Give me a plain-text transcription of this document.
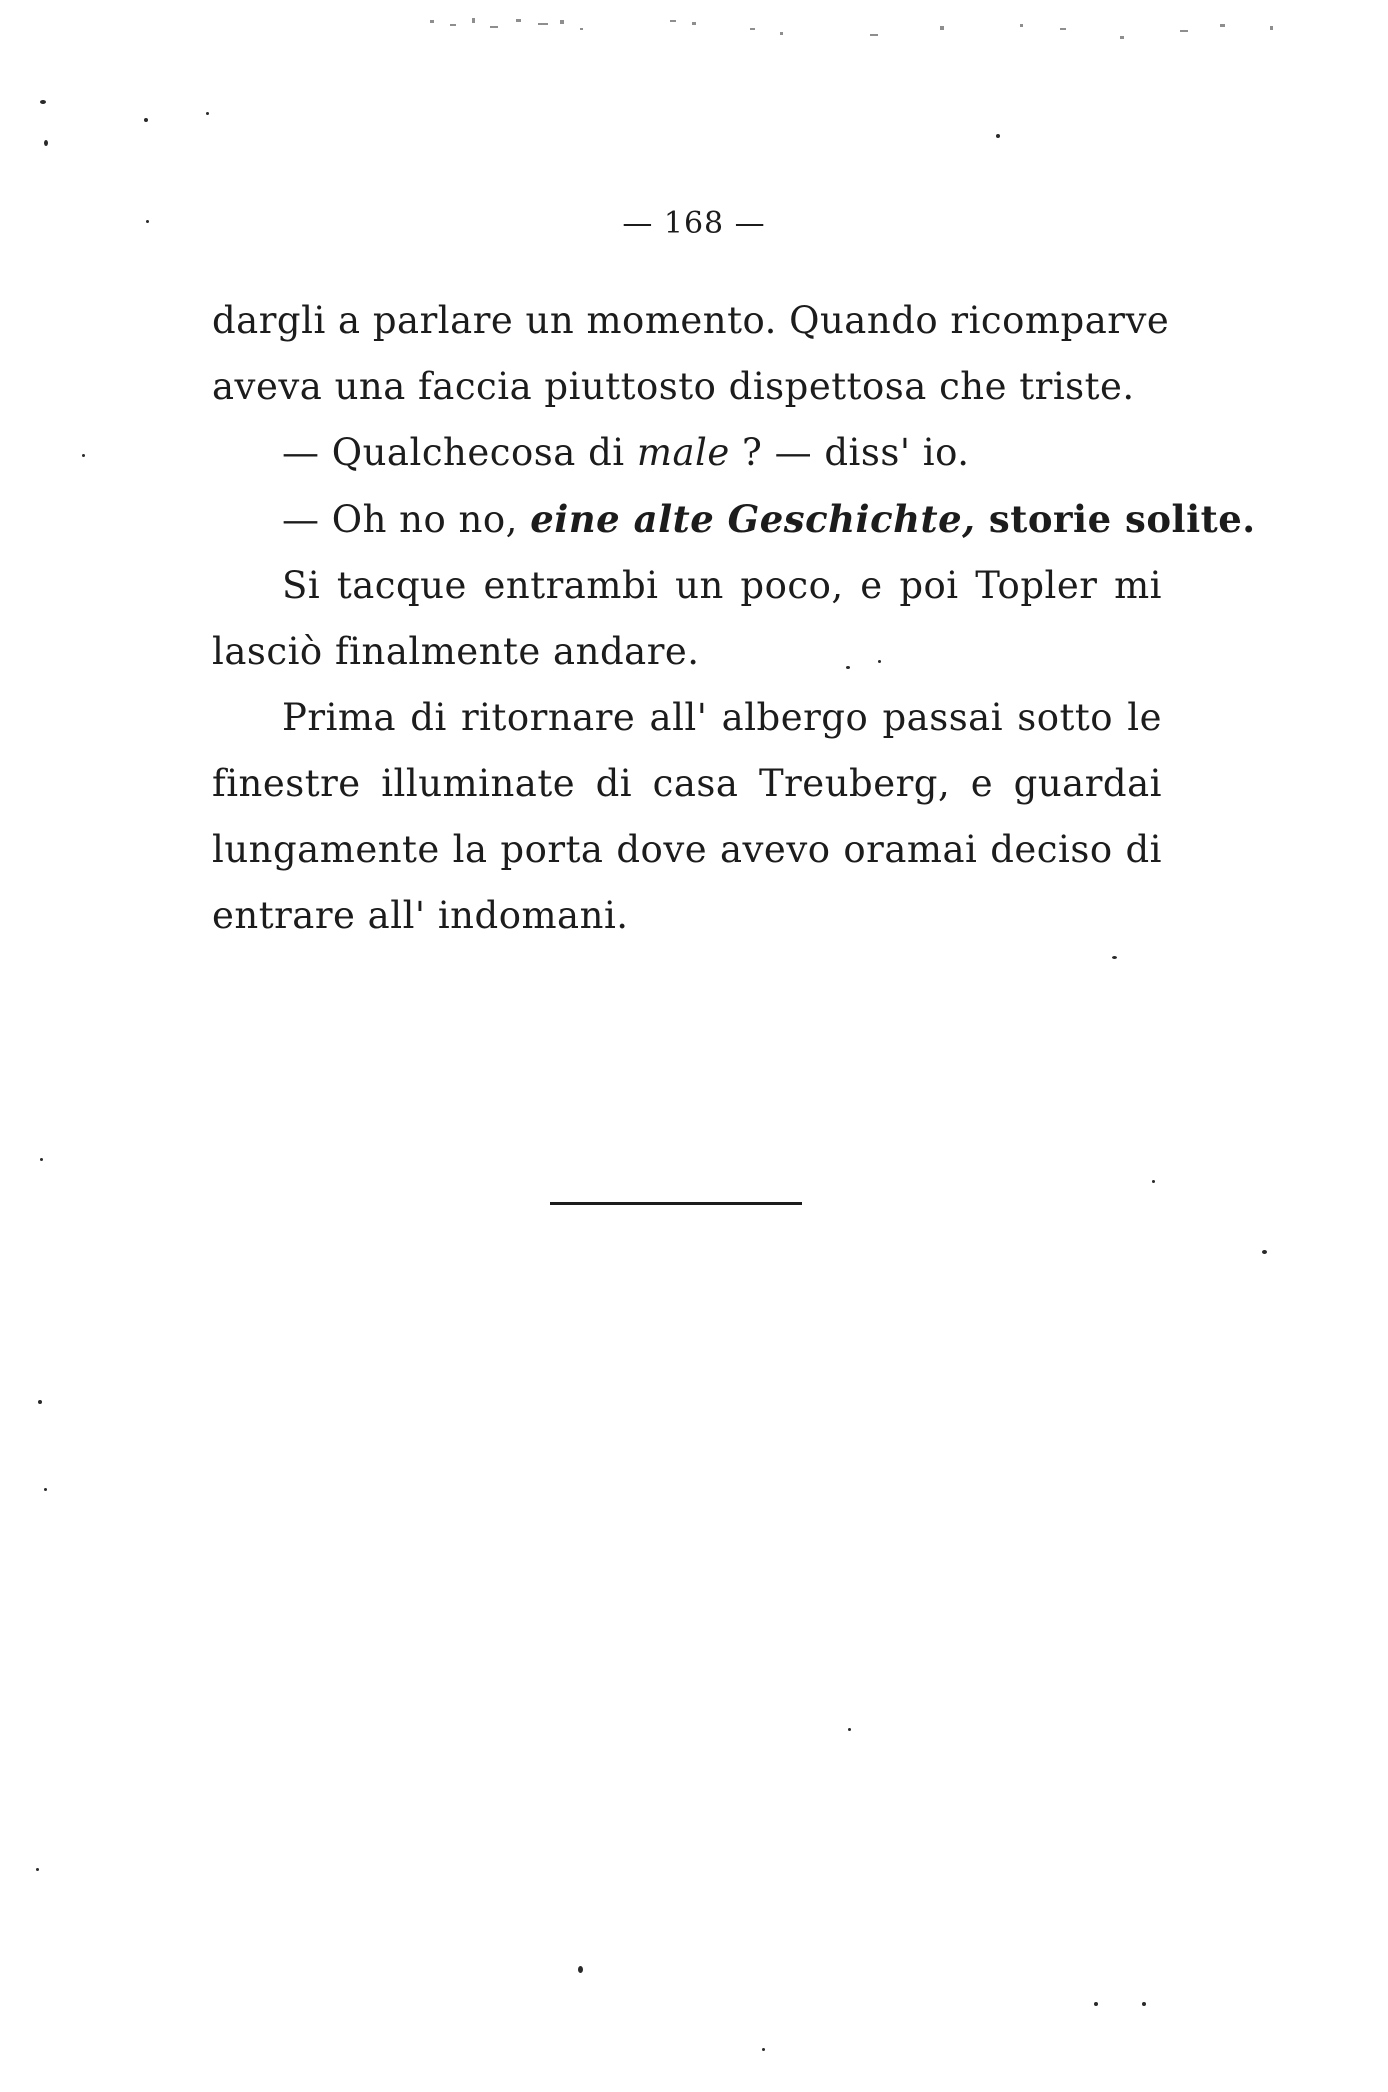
— 168 —
dargli a parlare un momento. Quando ricomparve
aveva una faccia piuttosto dispettosa che triste.
— Qualchecosa di male ? — diss' io.
— Oh no no, eine alte Geschichte, storie solite.
Si tacque entrambi un poco, e poi Topler mi
lasciò finalmente andare.
Prima di ritornare all' albergo passai sotto le
finestre illuminate di casa Treuberg, e guardai
lungamente la porta dove avevo oramai deciso di
entrare all' indomani.
